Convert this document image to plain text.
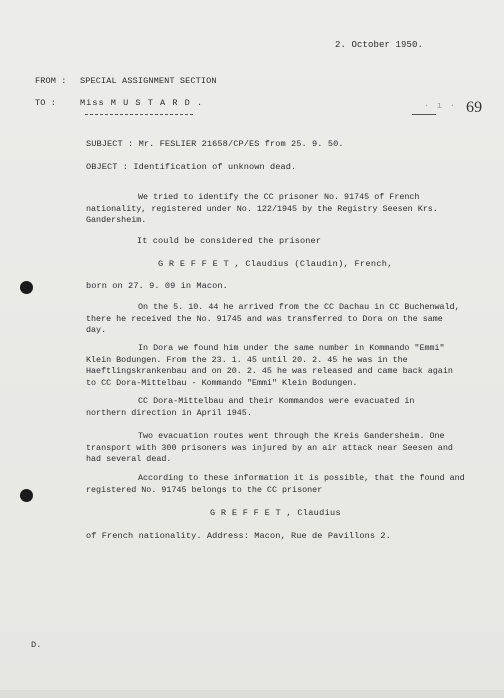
2. October 1950.
FROM : SPECIAL ASSIGNMENT SECTION
TO :	Miss M U S T A R D .	· ı · 69
SUBJECT : Mr. FESLIER 21658/CP/ES from 25. 9. 50.
OBJECT : Identification of unknown dead.
We tried to identify the CC prisoner No. 91745 of French nationality, registered under No. 122/1945 by the Registry Seesen Krs. Gandersheim.
It could be considered the prisoner
G R E F F E T , Claudius (Claudin), French,
born on 27. 9. 09 in Macon.
On the 5. 10. 44 he arrived from the CC Dachau in CC Buchenwald, there he received the No. 91745 and was transferred to Dora on the same day.
In Dora we found him under the same number in Kommando "Emmi" Klein Bodungen. From the 23. 1. 45 until 20. 2. 45 he was in the Haeftlingskrankenbau and on 20. 2. 45 he was released and came back again to CC Dora-Mittelbau - Kommando "Emmi" Klein Bodungen.
CC Dora-Mittelbau and their Kommandos were evacuated in northern direction in April 1945.
Two evacuation routes went through the Kreis Gandersheim. One transport with 300 prisoners was injured by an air attack near Seesen and had several dead.
According to these information it is possible, that the found and registered No. 91745 belongs to the CC prisoner
G R E F F E T , Claudius
of French nationality. Address: Macon, Rue de Pavillons 2.
D.
